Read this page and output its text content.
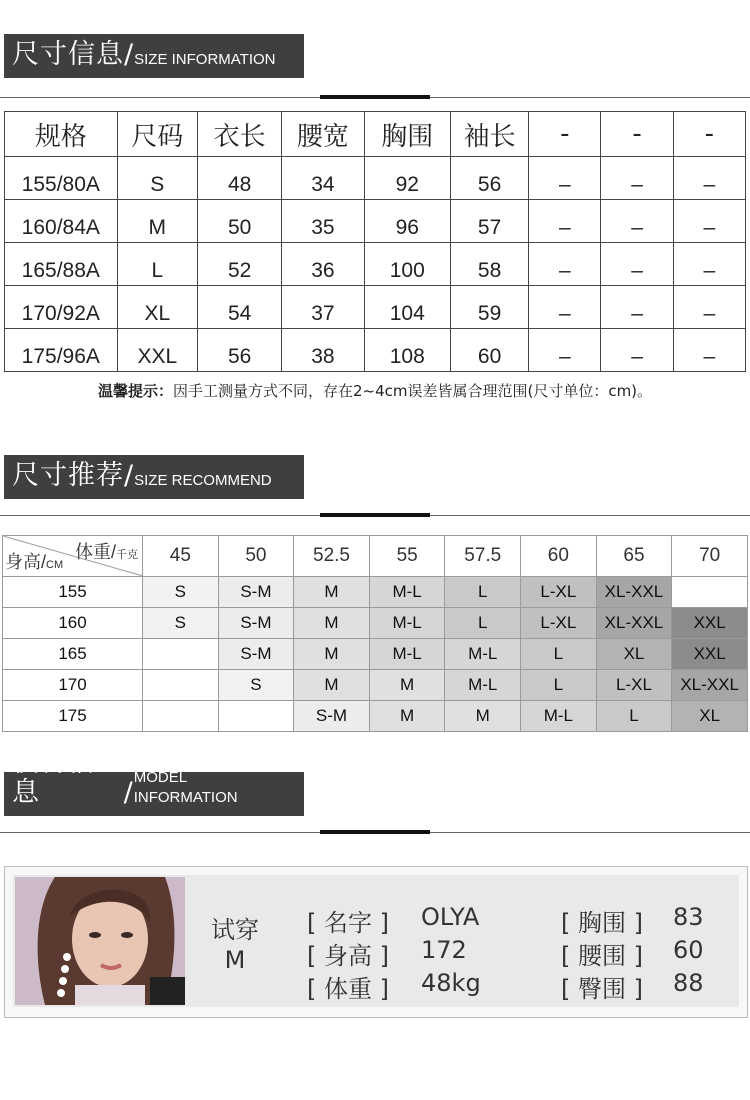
尺寸信息 / SIZE INFORMATION
规格	尺码	衣长	腰宽	胸围	袖长	-	-	-
155/80A	S	48	34	92	56	–	–	–
160/84A	M	50	35	96	57	–	–	–
165/88A	L	52	36	100	58	–	–	–
170/92A	XL	54	37	104	59	–	–	–
175/96A	XXL	56	38	108	60	–	–	–
温馨提示：因手工测量方式不同，存在2~4cm误差皆属合理范围(尺寸单位：cm)。
尺寸推荐 / SIZE RECOMMEND
体重/千克
身高/CM	45	50	52.5	55	57.5	60	65	70
155	S	S-M	M	M-L	L	L-XL	XL-XXL	
160	S	S-M	M	M-L	L	L-XL	XL-XXL	XXL
165		S-M	M	M-L	M-L	L	XL	XXL
170		S	M	M	M-L	L	L-XL	XL-XXL
175			S-M	M	M	M-L	L	XL
模特信息	/ MODEL INFORMATION
试穿
M
[ 名字 ] OLYA
[ 身高 ] 172
[ 体重 ] 48kg
[ 胸围 ] 83
[ 腰围 ] 60
[ 臀围 ] 88
